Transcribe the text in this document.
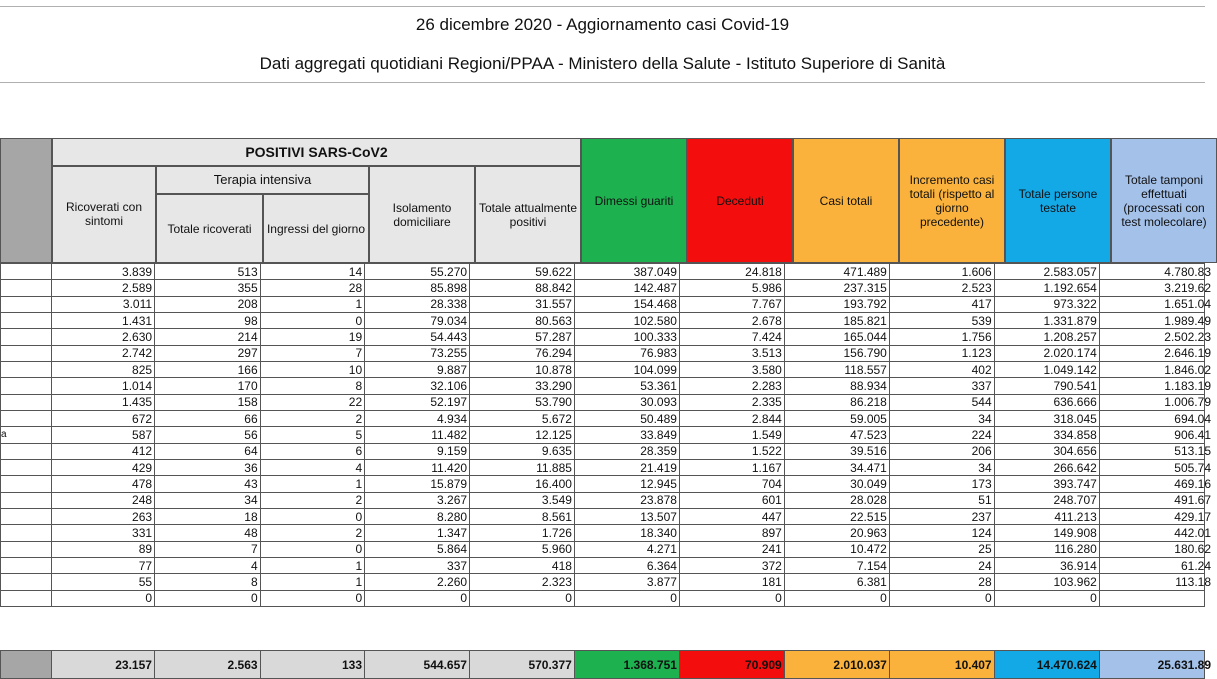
26 dicembre 2020 - Aggiornamento casi Covid-19
Dati aggregati quotidiani Regioni/PPAA - Ministero della Salute - Istituto Superiore di Sanità
POSITIVI SARS-CoV2
Ricoverati con sintomi
Terapia intensiva
Totale ricoverati	Ingressi del giorno
Isolamento domiciliare
Totale attualmente positivi
Dimessi guariti	Deceduti	Casi totali
Incremento casi totali (rispetto al giorno precedente)
Totale persone testate
Totale tamponi effettuati (processati con test molecolare)
	3.839	513	14	55.270	59.622	387.049	24.818	471.489	1.606	2.583.057	4.780.83
	2.589	355	28	85.898	88.842	142.487	5.986	237.315	2.523	1.192.654	3.219.62
	3.011	208	1	28.338	31.557	154.468	7.767	193.792	417	973.322	1.651.04
	1.431	98	0	79.034	80.563	102.580	2.678	185.821	539	1.331.879	1.989.49
	2.630	214	19	54.443	57.287	100.333	7.424	165.044	1.756	1.208.257	2.502.23
	2.742	297	7	73.255	76.294	76.983	3.513	156.790	1.123	2.020.174	2.646.19
	825	166	10	9.887	10.878	104.099	3.580	118.557	402	1.049.142	1.846.02
	1.014	170	8	32.106	33.290	53.361	2.283	88.934	337	790.541	1.183.19
	1.435	158	22	52.197	53.790	30.093	2.335	86.218	544	636.666	1.006.79
	672	66	2	4.934	5.672	50.489	2.844	59.005	34	318.045	694.04
a	587	56	5	11.482	12.125	33.849	1.549	47.523	224	334.858	906.41
	412	64	6	9.159	9.635	28.359	1.522	39.516	206	304.656	513.15
	429	36	4	11.420	11.885	21.419	1.167	34.471	34	266.642	505.74
	478	43	1	15.879	16.400	12.945	704	30.049	173	393.747	469.16
	248	34	2	3.267	3.549	23.878	601	28.028	51	248.707	491.67
	263	18	0	8.280	8.561	13.507	447	22.515	237	411.213	429.17
	331	48	2	1.347	1.726	18.340	897	20.963	124	149.908	442.01
	89	7	0	5.864	5.960	4.271	241	10.472	25	116.280	180.62
	77	4	1	337	418	6.364	372	7.154	24	36.914	61.24
	55	8	1	2.260	2.323	3.877	181	6.381	28	103.962	113.18
	0	0	0	0	0	0	0	0	0	0	
	23.157	2.563	133	544.657	570.377	1.368.751	70.909	2.010.037	10.407	14.470.624	25.631.89
